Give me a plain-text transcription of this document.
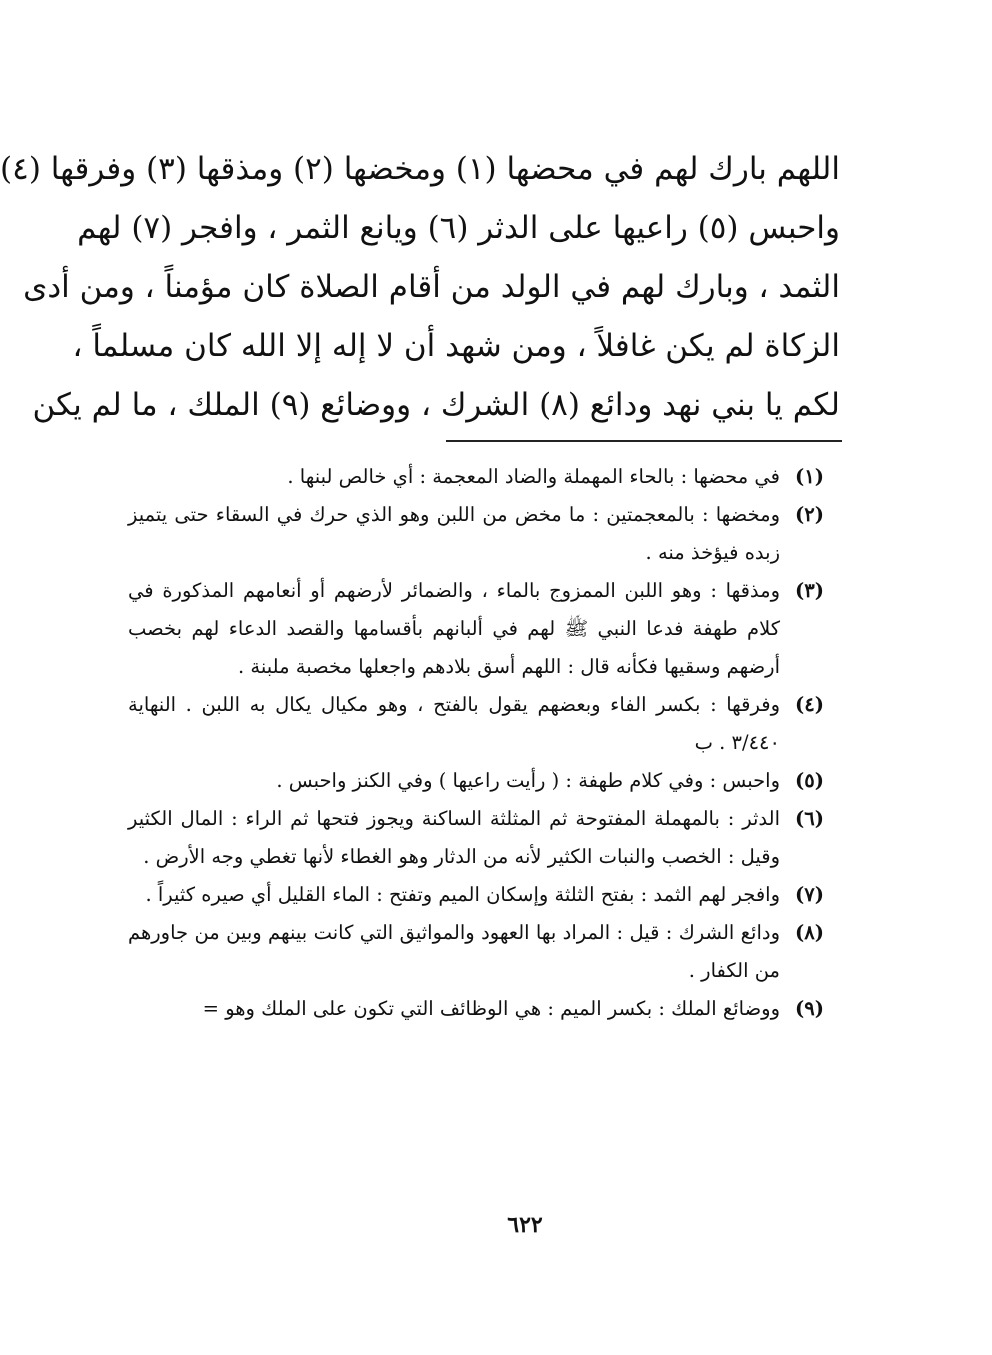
اللهم بارك لهم في محضها (١) ومخضها (٢) ومذقها (٣) وفرقها (٤)
واحبس (٥) راعيها على الدثر (٦) ويانع الثمر ، وافجر (٧) لهم
الثمد ، وبارك لهم في الولد من أقام الصلاة كان مؤمناً ، ومن أدى
الزكاة لم يكن غافلاً ، ومن شهد أن لا إله إلا الله كان مسلماً ،
لكم يا بني نهد ودائع (٨) الشرك ، ووضائع (٩) الملك ، ما لم يكن
(١)
في محضها : بالحاء المهملة والضاد المعجمة : أي خالص لبنها .
(٢)
ومخضها : بالمعجمتين : ما مخض من اللبن وهو الذي حرك في السقاء حتى يتميز زبده فيؤخذ منه .
(٣)
ومذقها : وهو اللبن الممزوج بالماء ، والضمائر لأرضهم أو أنعامهم المذكورة في كلام طهفة فدعا النبي ﷺ لهم في ألبانهم بأقسامها والقصد الدعاء لهم بخصب أرضهم وسقيها فكأنه قال : اللهم أسق بلادهم واجعلها مخصبة ملبنة .
(٤)
وفرقها : بكسر الفاء وبعضهم يقول بالفتح ، وهو مكيال يكال به اللبن . النهاية ٣/٤٤٠ . ب
(٥)
واحبس : وفي كلام طهفة : ( رأيت راعيها ) وفي الكنز واحبس .
(٦)
الدثر : بالمهملة المفتوحة ثم المثلثة الساكنة ويجوز فتحها ثم الراء : المال الكثير وقيل : الخصب والنبات الكثير لأنه من الدثار وهو الغطاء لأنها تغطي وجه الأرض .
(٧)
وافجر لهم الثمد : بفتح الثلثة وإسكان الميم وتفتح : الماء القليل أي صيره كثيراً .
(٨)
ودائع الشرك : قيل : المراد بها العهود والمواثيق التي كانت بينهم وبين من جاورهم من الكفار .
(٩)
ووضائع الملك : بكسر الميم : هي الوظائف التي تكون على الملك وهو =
٦٢٢
